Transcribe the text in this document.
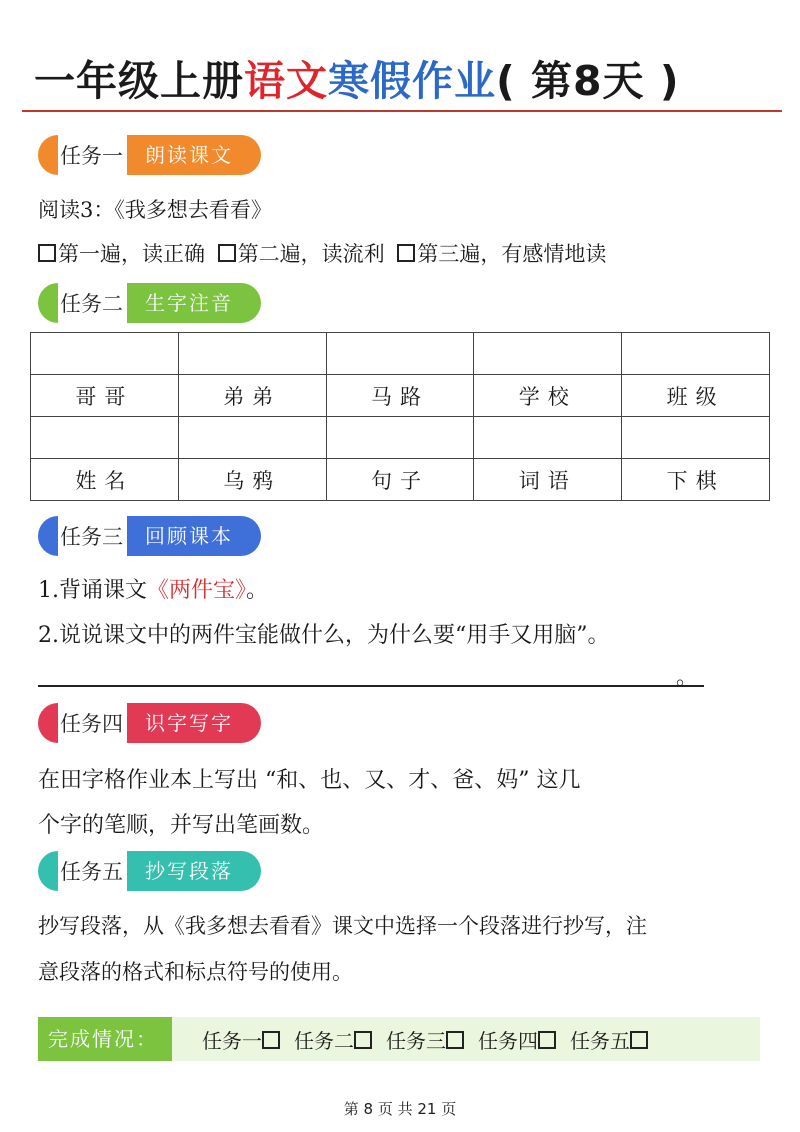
一年级上册语文寒假作业( 第8天 )
任务一	朗读课文
阅读3：《我多想去看看》
第一遍，读正确 第二遍，读流利 第三遍，有感情地读
任务二	生字注音

哥哥	弟弟	马路	学校	班级

姓名	乌鸦	句子	词语	下棋
任务三	回顾课本
1.背诵课文《两件宝》。
2.说说课文中的两件宝能做什么，为什么要“用手又用脑”。
。
任务四	识字写字
在田字格作业本上写出 “和、也、又、才、爸、妈” 这几
个字的笔顺，并写出笔画数。
任务五	抄写段落
抄写段落，从《我多想去看看》课文中选择一个段落进行抄写，注
意段落的格式和标点符号的使用。
完成情况：	任务一	任务二	任务三	任务四	任务五
第 8 页 共 21 页
